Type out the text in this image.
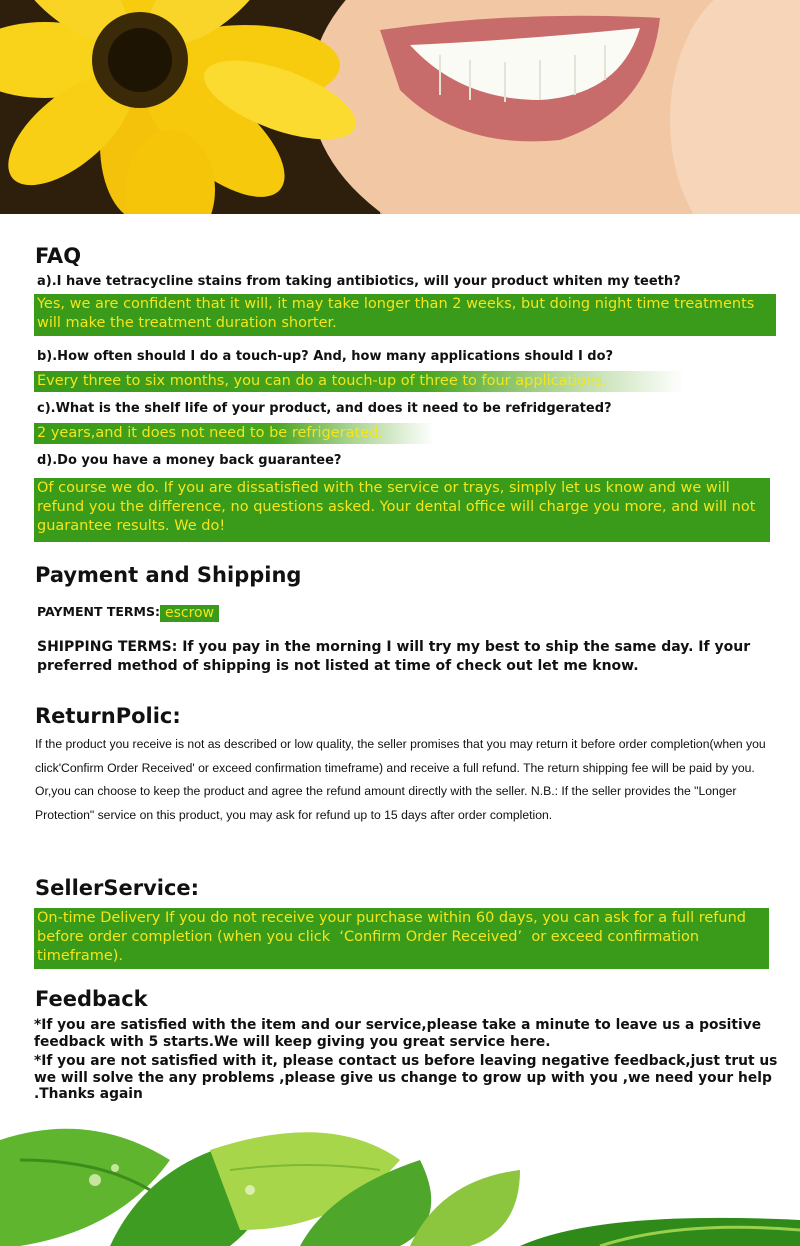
FAQ
a).I have tetracycline stains from taking antibiotics, will your product whiten my teeth?
Yes, we are confident that it will, it may take longer than 2 weeks, but doing night time treatments will make the treatment duration shorter.
b).How often should I do a touch-up? And, how many applications should I do?
Every three to six months, you can do a touch-up of three to four applications.
c).What is the shelf life of your product, and does it need to be refridgerated?
2 years,and it does not need to be refrigerated.
d).Do you have a money back guarantee?
Of course we do. If you are dissatisfied with the service or trays, simply let us know and we will refund you the difference, no questions asked. Your dental office will charge you more, and will not guarantee results. We do!
Payment and Shipping
PAYMENT TERMS: escrow
SHIPPING TERMS: If you pay in the morning I will try my best to ship the same day. If your preferred method of shipping is not listed at time of check out let me know.
ReturnPolic:
If the product you receive is not as described or low quality, the seller promises that you may return it before order completion(when you click'Confirm Order Received' or exceed confirmation timeframe) and receive a full refund. The return shipping fee will be paid by you. Or,you can choose to keep the product and agree the refund amount directly with the seller. N.B.: If the seller provides the "Longer Protection" service on this product, you may ask for refund up to 15 days after order completion.
SellerService:
On-time Delivery If you do not receive your purchase within 60 days, you can ask for a full refund before order completion (when you click  ‘Confirm Order Received’  or exceed confirmation timeframe).
Feedback
*If you are satisfied with the item and our service,please take a minute to leave us a positive feedback with 5 starts.We will keep giving you great service here.
*If you are not satisfied with it, please contact us before leaving negative feedback,just trut us we will solve the any problems ,please give us change to grow up with you ,we need your help .Thanks again
